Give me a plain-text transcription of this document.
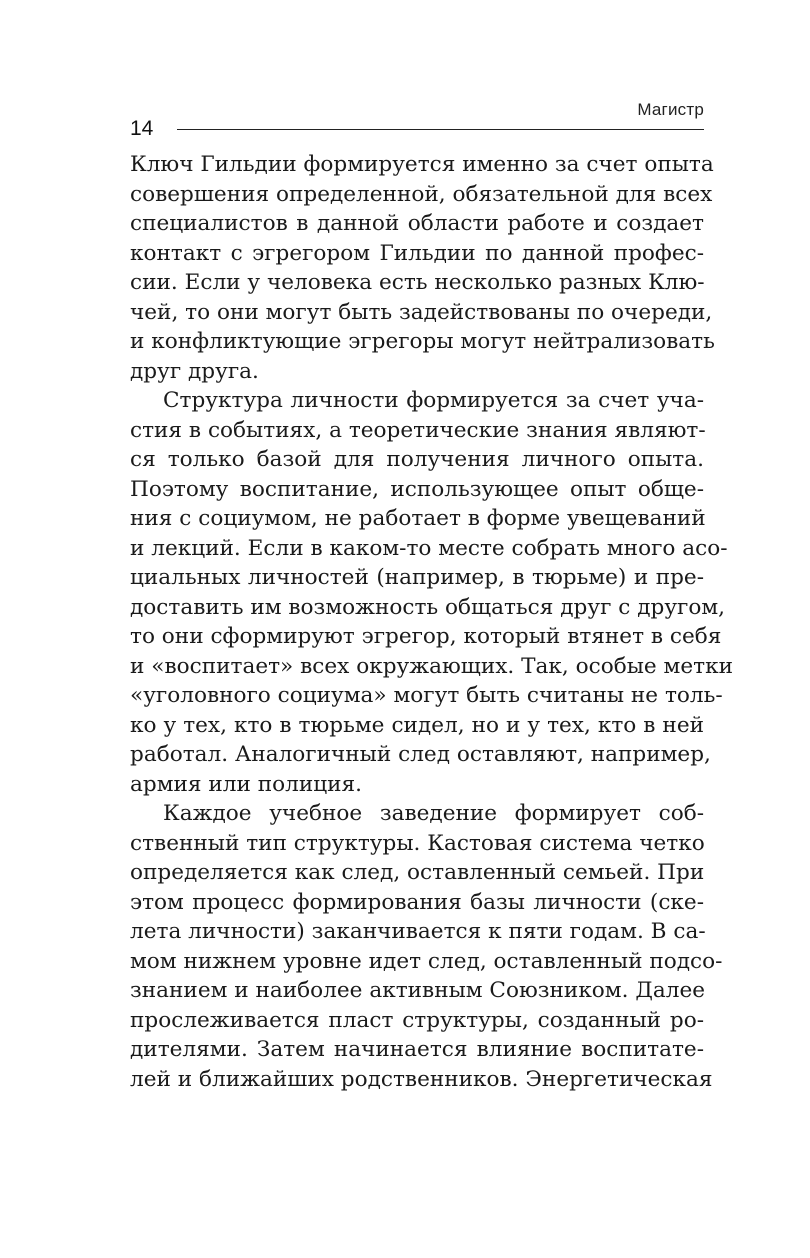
Магистр
14
Ключ Гильдии формируется именно за счет опыта
совершения определенной, обязательной для всех
специалистов в данной области работе и создает
контакт с эгрегором Гильдии по данной профес-
сии. Если у человека есть несколько разных Клю-
чей, то они могут быть задействованы по очереди,
и конфликтующие эгрегоры могут нейтрализовать
друг друга.
Структура личности формируется за счет уча-
стия в событиях, а теоретические знания являют-
ся только базой для получения личного опыта.
Поэтому воспитание, использующее опыт обще-
ния с социумом, не работает в форме увещеваний
и лекций. Если в каком-то месте собрать много асо-
циальных личностей (например, в тюрьме) и пре-
доставить им возможность общаться друг с другом,
то они сформируют эгрегор, который втянет в себя
и «воспитает» всех окружающих. Так, особые метки
«уголовного социума» могут быть считаны не толь-
ко у тех, кто в тюрьме сидел, но и у тех, кто в ней
работал. Аналогичный след оставляют, например,
армия или полиция.
Каждое учебное заведение формирует соб-
ственный тип структуры. Кастовая система четко
определяется как след, оставленный семьей. При
этом процесс формирования базы личности (ске-
лета личности) заканчивается к пяти годам. В са-
мом нижнем уровне идет след, оставленный подсо-
знанием и наиболее активным Союзником. Далее
прослеживается пласт структуры, созданный ро-
дителями. Затем начинается влияние воспитате-
лей и ближайших родственников. Энергетическая
